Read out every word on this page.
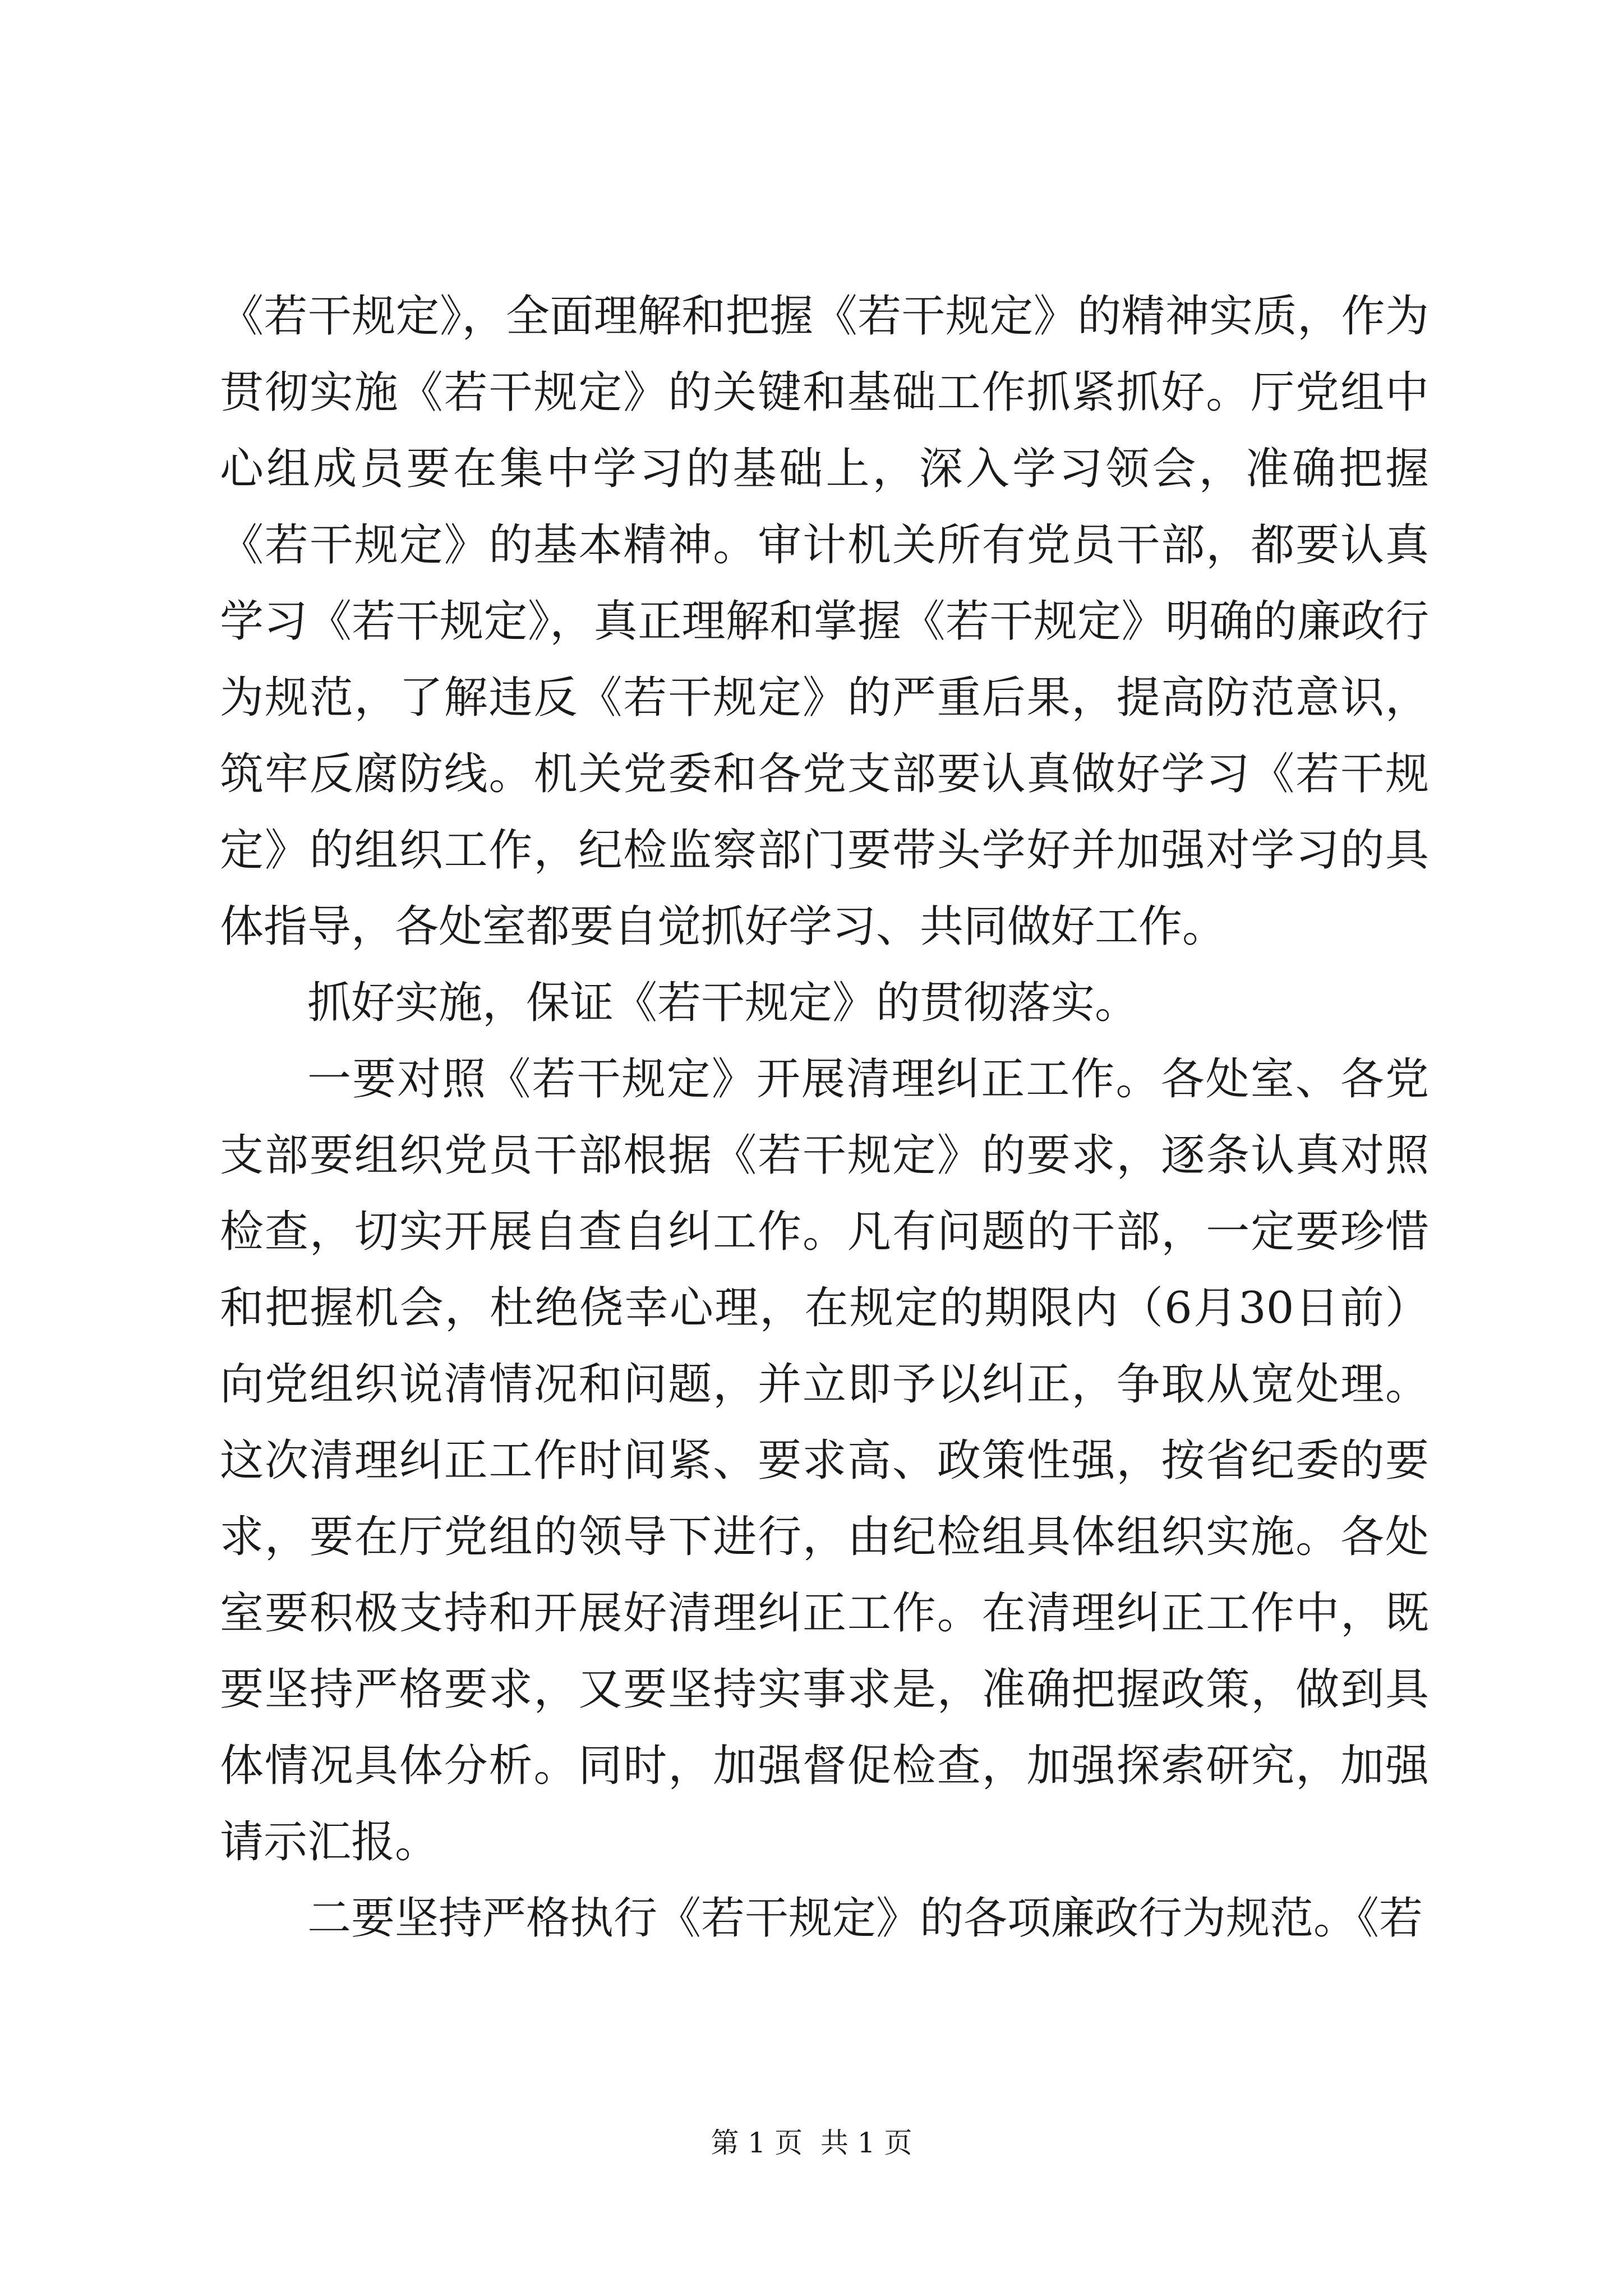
《若干规定》，全面理解和把握《若干规定》的精神实质，作为贯彻实施《若干规定》的关键和基础工作抓紧抓好。厅党组中心组成员要在集中学习的基础上，深入学习领会，准确把握《若干规定》的基本精神。审计机关所有党员干部，都要认真学习《若干规定》，真正理解和掌握《若干规定》明确的廉政行为规范，了解违反《若干规定》的严重后果，提高防范意识，筑牢反腐防线。机关党委和各党支部要认真做好学习《若干规定》的组织工作，纪检监察部门要带头学好并加强对学习的具体指导，各处室都要自觉抓好学习、共同做好工作。

抓好实施，保证《若干规定》的贯彻落实。

一要对照《若干规定》开展清理纠正工作。各处室、各党支部要组织党员干部根据《若干规定》的要求，逐条认真对照检查，切实开展自查自纠工作。凡有问题的干部，一定要珍惜和把握机会，杜绝侥幸心理，在规定的期限内（6月30日前）向党组织说清情况和问题，并立即予以纠正，争取从宽处理。这次清理纠正工作时间紧、要求高、政策性强，按省纪委的要求，要在厅党组的领导下进行，由纪检组具体组织实施。各处室要积极支持和开展好清理纠正工作。在清理纠正工作中，既要坚持严格要求，又要坚持实事求是，准确把握政策，做到具体情况具体分析。同时，加强督促检查，加强探索研究，加强请示汇报。

二要坚持严格执行《若干规定》的各项廉政行为规范。《若

第 1 页  共 1 页
